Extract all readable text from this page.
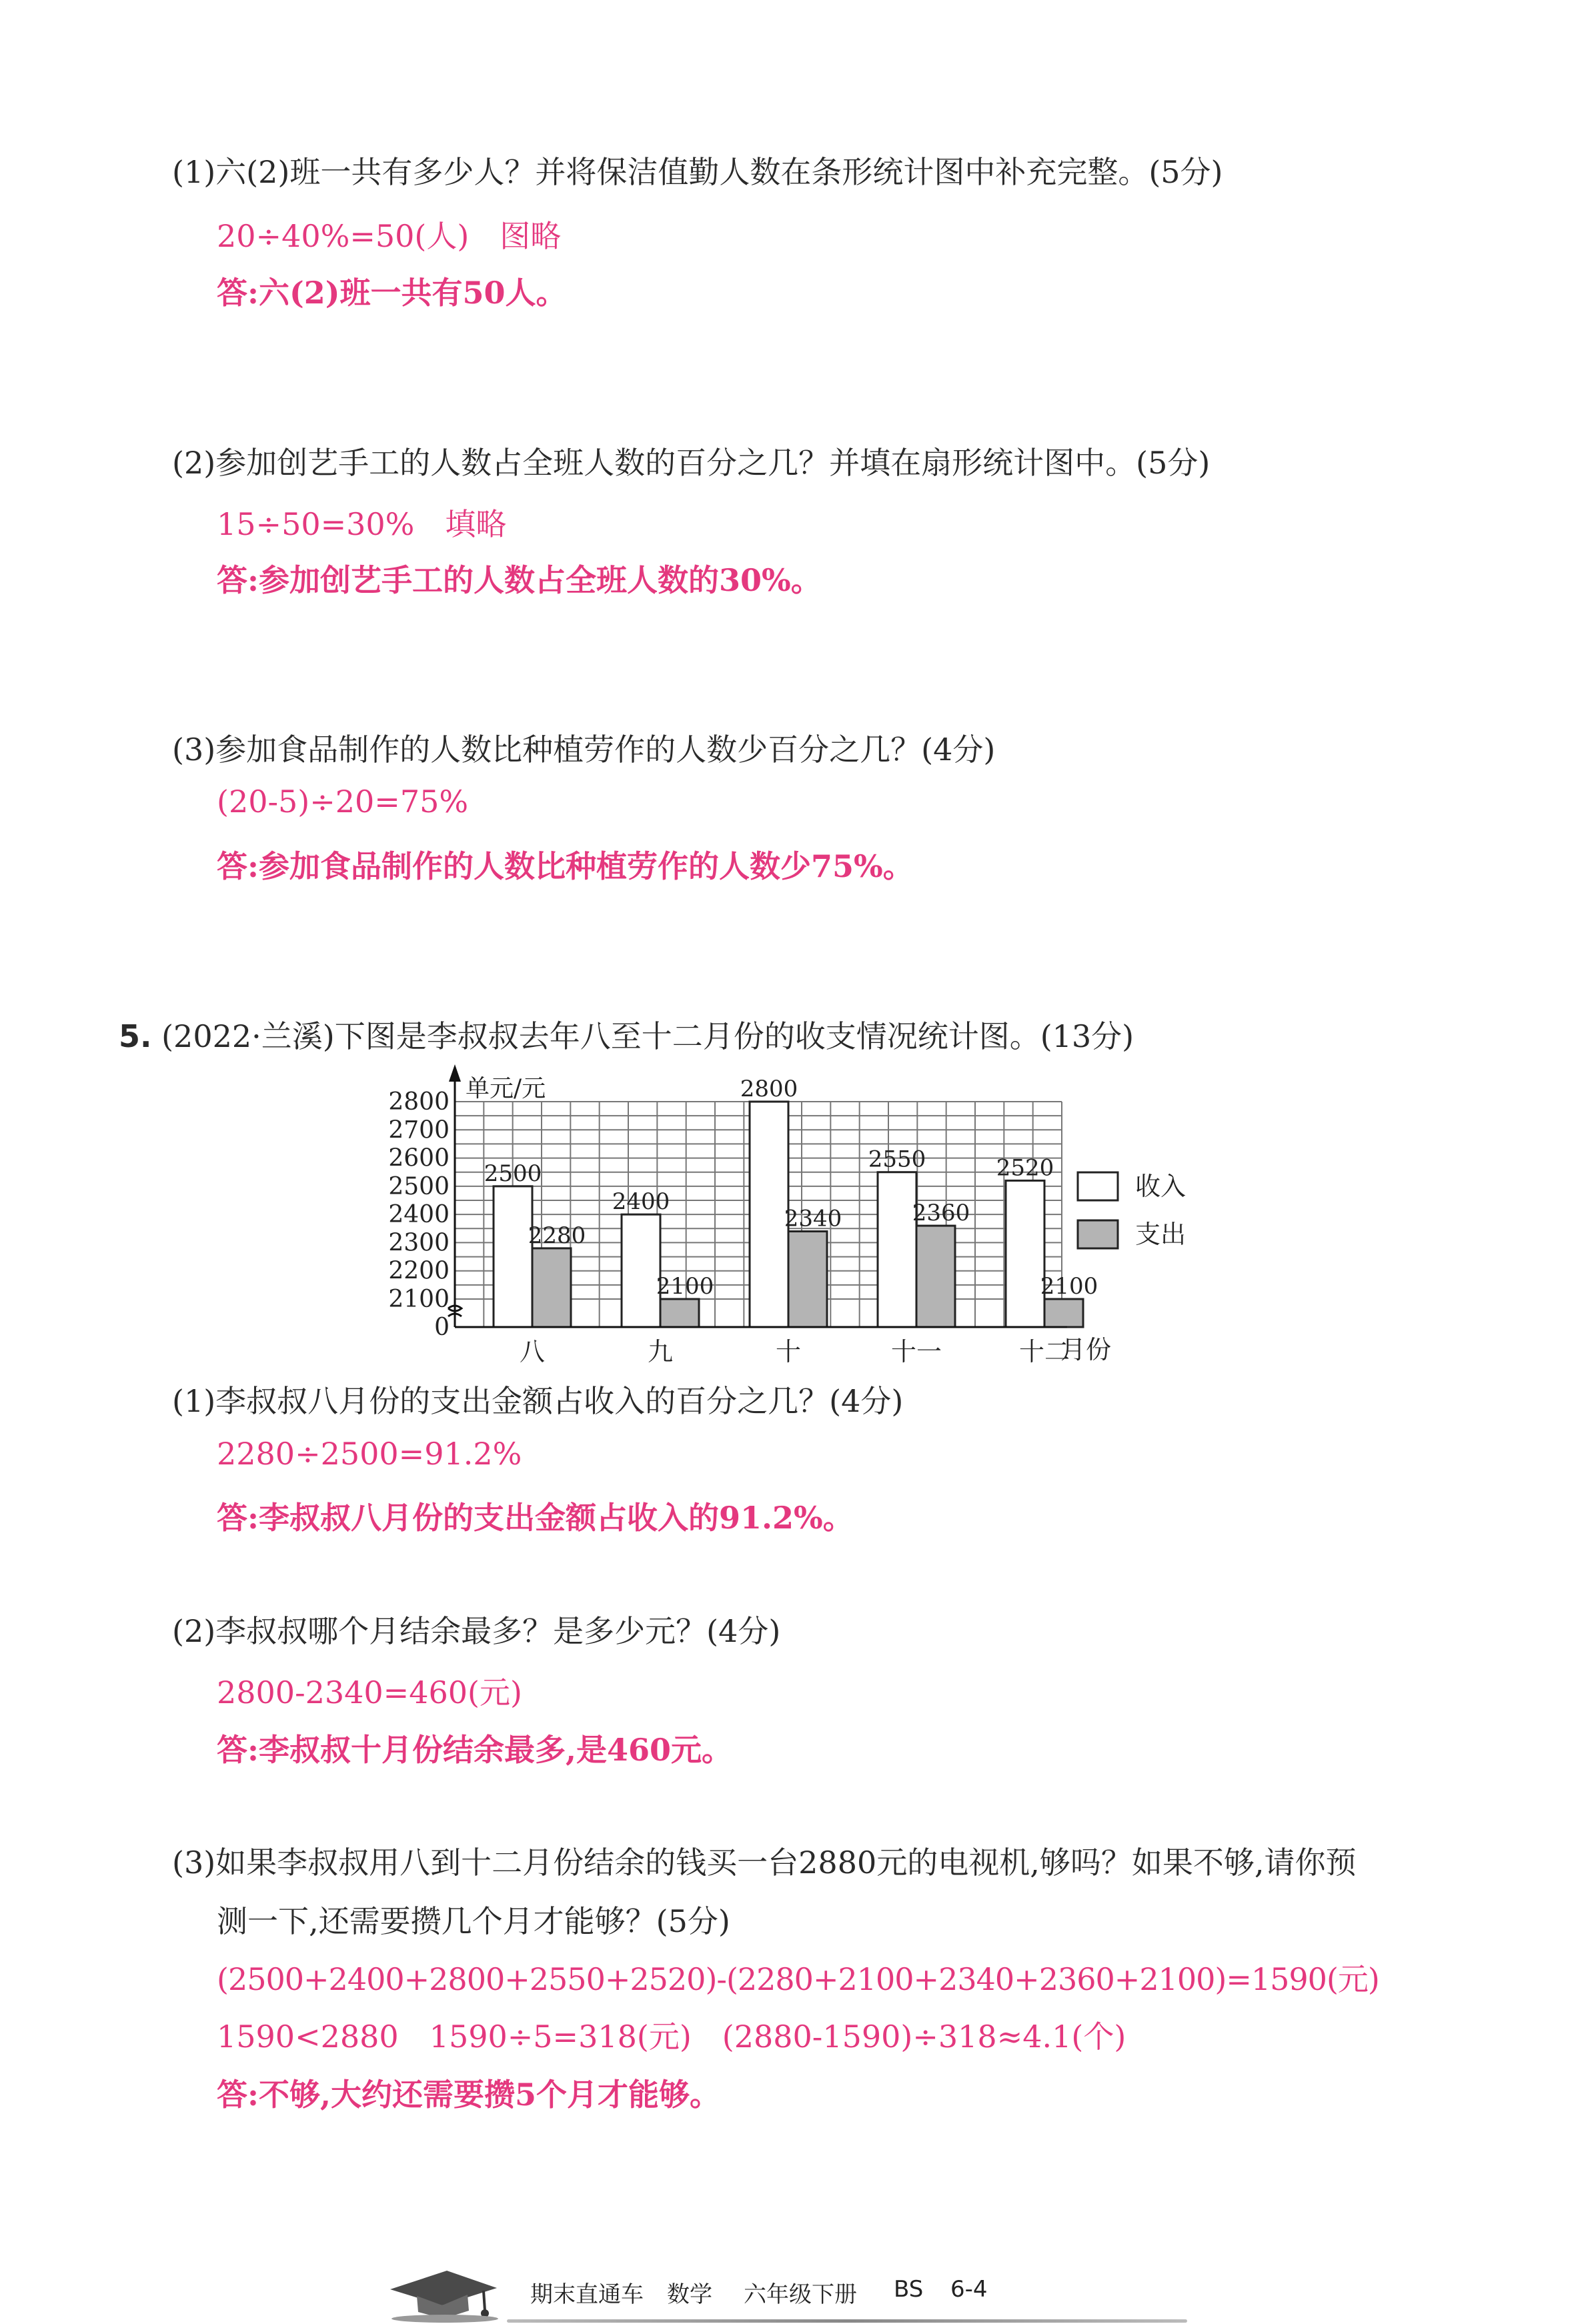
(1)六(2)班一共有多少人？并将保洁值勤人数在条形统计图中补充完整。(5分)
20÷40%=50(人)　图略
答:六(2)班一共有50人。
(2)参加创艺手工的人数占全班人数的百分之几？并填在扇形统计图中。(5分)
15÷50=30%　填略
答:参加创艺手工的人数占全班人数的30%。
(3)参加食品制作的人数比种植劳作的人数少百分之几？(4分)
(20-5)÷20=75%
答:参加食品制作的人数比种植劳作的人数少75%。
5. (2022·兰溪)下图是李叔叔去年八至十二月份的收支情况统计图。(13分)
2500
2280
八
2400
2100
九
2800
2340
十
2550
2360
十一
2520
2100
十二
0
2100
2200
2300
2400
2500
2600
2700
2800 单元/元
月份
收入
支出
(1)李叔叔八月份的支出金额占收入的百分之几？(4分)
2280÷2500=91.2%
答:李叔叔八月份的支出金额占收入的91.2%。
(2)李叔叔哪个月结余最多？是多少元？(4分)
2800-2340=460(元)
答:李叔叔十月份结余最多,是460元。
(3)如果李叔叔用八到十二月份结余的钱买一台2880元的电视机,够吗？如果不够,请你预
测一下,还需要攒几个月才能够？(5分)
(2500+2400+2800+2550+2520)-(2280+2100+2340+2360+2100)=1590(元)
1590<2880　1590÷5=318(元)　(2880-1590)÷318≈4.1(个)
答:不够,大约还需要攒5个月才能够。
期末直通车 数学 六年级下册 BS 6-4
